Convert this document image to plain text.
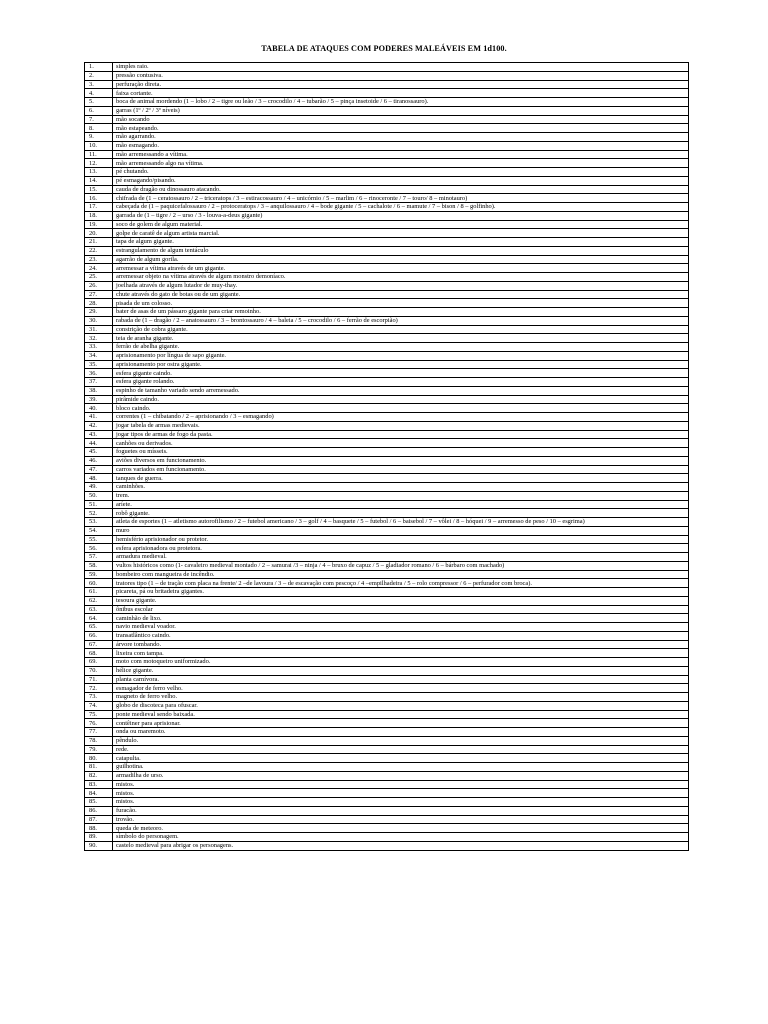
TABELA DE ATAQUES COM PODERES MALEÁVEIS EM 1d100.
1.	simples raio.
2.	pressão contusiva.
3.	perfuração direta.
4.	faixa cortante.
5.	boca de animal mordendo (1 – lobo / 2 – tigre ou leão / 3 – crocodilo / 4 – tubarão / 5 – pinça insetoide / 6 – tiranossauro).
6.	garras (1º / 2º / 3º níveis)
7.	mão socando
8.	mão estapeando.
9.	mão agarrando.
10.	mão esmagando.
11.	mão arremessando a vítima.
12.	mão arremessando algo na vítima.
13.	pé chutando.
14.	pé esmagando/pisando.
15.	cauda de dragão ou dinossauro atacando.
16.	chifrada de (1 – ceratossauro / 2 – triceratops / 3 – estiracossauro / 4 – unicórnio / 5 – marlim / 6 – rinoceronte / 7 – touro/ 8 – minotauro)
17.	cabeçada de (1 – paquicefalossauro / 2 – protoceratops / 3 – anquilossauro / 4 – bode gigante / 5 – cachalote / 6 – mamute / 7 – bison / 8 – golfinho).
18.	garrada de (1 – tigre / 2 – urso / 3 - louva-a-deus gigante)
19.	soco de golem de algum material.
20.	golpe de caratê de algum artista marcial.
21.	tapa de algum gigante.
22.	estrangulamento de algum tentáculo
23.	agarrão de algum gorila.
24.	arremessar a vítima através de um gigante.
25.	arremessar objeto na vítima através de algum monstro demoníaco.
26.	joelhada através de algum lutador de muy-thay.
27.	chute através do gato de botas ou de um gigante.
28.	pisada de um colosso.
29.	bater de asas de um pássaro gigante para criar remoinho.
30.	rabada de (1 – dragão / 2 – anatossauro / 3 – brontossauro / 4 – baleia / 5 – crocodilo / 6 – ferrão de escorpião)
31.	constrição de cobra gigante.
32.	teia de aranha gigante.
33.	ferrão de abelha gigante.
34.	aprisionamento por língua de sapo gigante.
35.	aprisionamento por ostra gigante.
36.	esfera gigante caindo.
37.	esfera gigante rolando.
38.	espinho de tamanho variado sendo arremessado.
39.	pirâmide caindo.
40.	bloco caindo.
41.	correntes (1 – chibatando / 2 – aprisionando / 3 – esmagando)
42.	jogar tabela de armas medievais.
43.	jogar tipos de armas de fogo da pasta.
44.	canhões ou derivados.
45.	foguetes ou mísseis.
46.	aviões diversos em funcionamento.
47.	carros variados em funcionamento.
48.	tanques de guerra.
49.	caminhões.
50.	trem.
51.	aríete.
52.	robô gigante.
53.	atleta de esportes (1 – atletismo autorofilismo / 2 – futebol americano / 3 – golf / 4 – basquete / 5 – futebol / 6 – baisebol / 7 – vôlei / 8 – hóquei / 9 – arremesso de peso / 10 – esgrima)
54.	muro
55.	hemisfério aprisionador ou protetor.
56.	esfera aprisionadora ou protetora.
57.	armadura medieval.
58.	vultos históricos como (1- cavaleiro medieval montado / 2 – samurai /3 – ninja / 4 – bruxo de capuz / 5 – gladiador romano / 6 – bárbaro com machado)
59.	bombeiro com mangueira de incêndio.
60.	tratores tipo (1 – de tração com placa na frente/ 2 –de lavoura / 3 – de escavação com pescoço / 4 –empilhadeira / 5 – rolo compressor / 6 – perfurador com broca).
61.	picareta, pá ou britadeira gigantes.
62.	tesoura gigante.
63.	ônibus escolar
64.	caminhão de lixo.
65.	navio medieval voador.
66.	transatlântico caindo.
67.	árvore tombando.
68.	lixeira com tampa.
69.	moto com motoqueiro uniformizado.
70.	hélice gigante.
71.	planta carnívora.
72.	esmagador de ferro velho.
73.	magneto de ferro velho.
74.	globo de discoteca para ofuscar.
75.	ponte medieval sendo baixada.
76.	contêiner para aprisionar.
77.	onda ou maremoto.
78.	pêndulo.
79.	rede.
80.	catapulta.
81.	guilhotina.
82.	armadilha de urso.
83.	mistos.
84.	mistos.
85.	mistos.
86.	furacão.
87.	trovão.
88.	queda de meteoro.
89.	símbolo do personagem.
90.	castelo medieval para abrigar os personagens.
